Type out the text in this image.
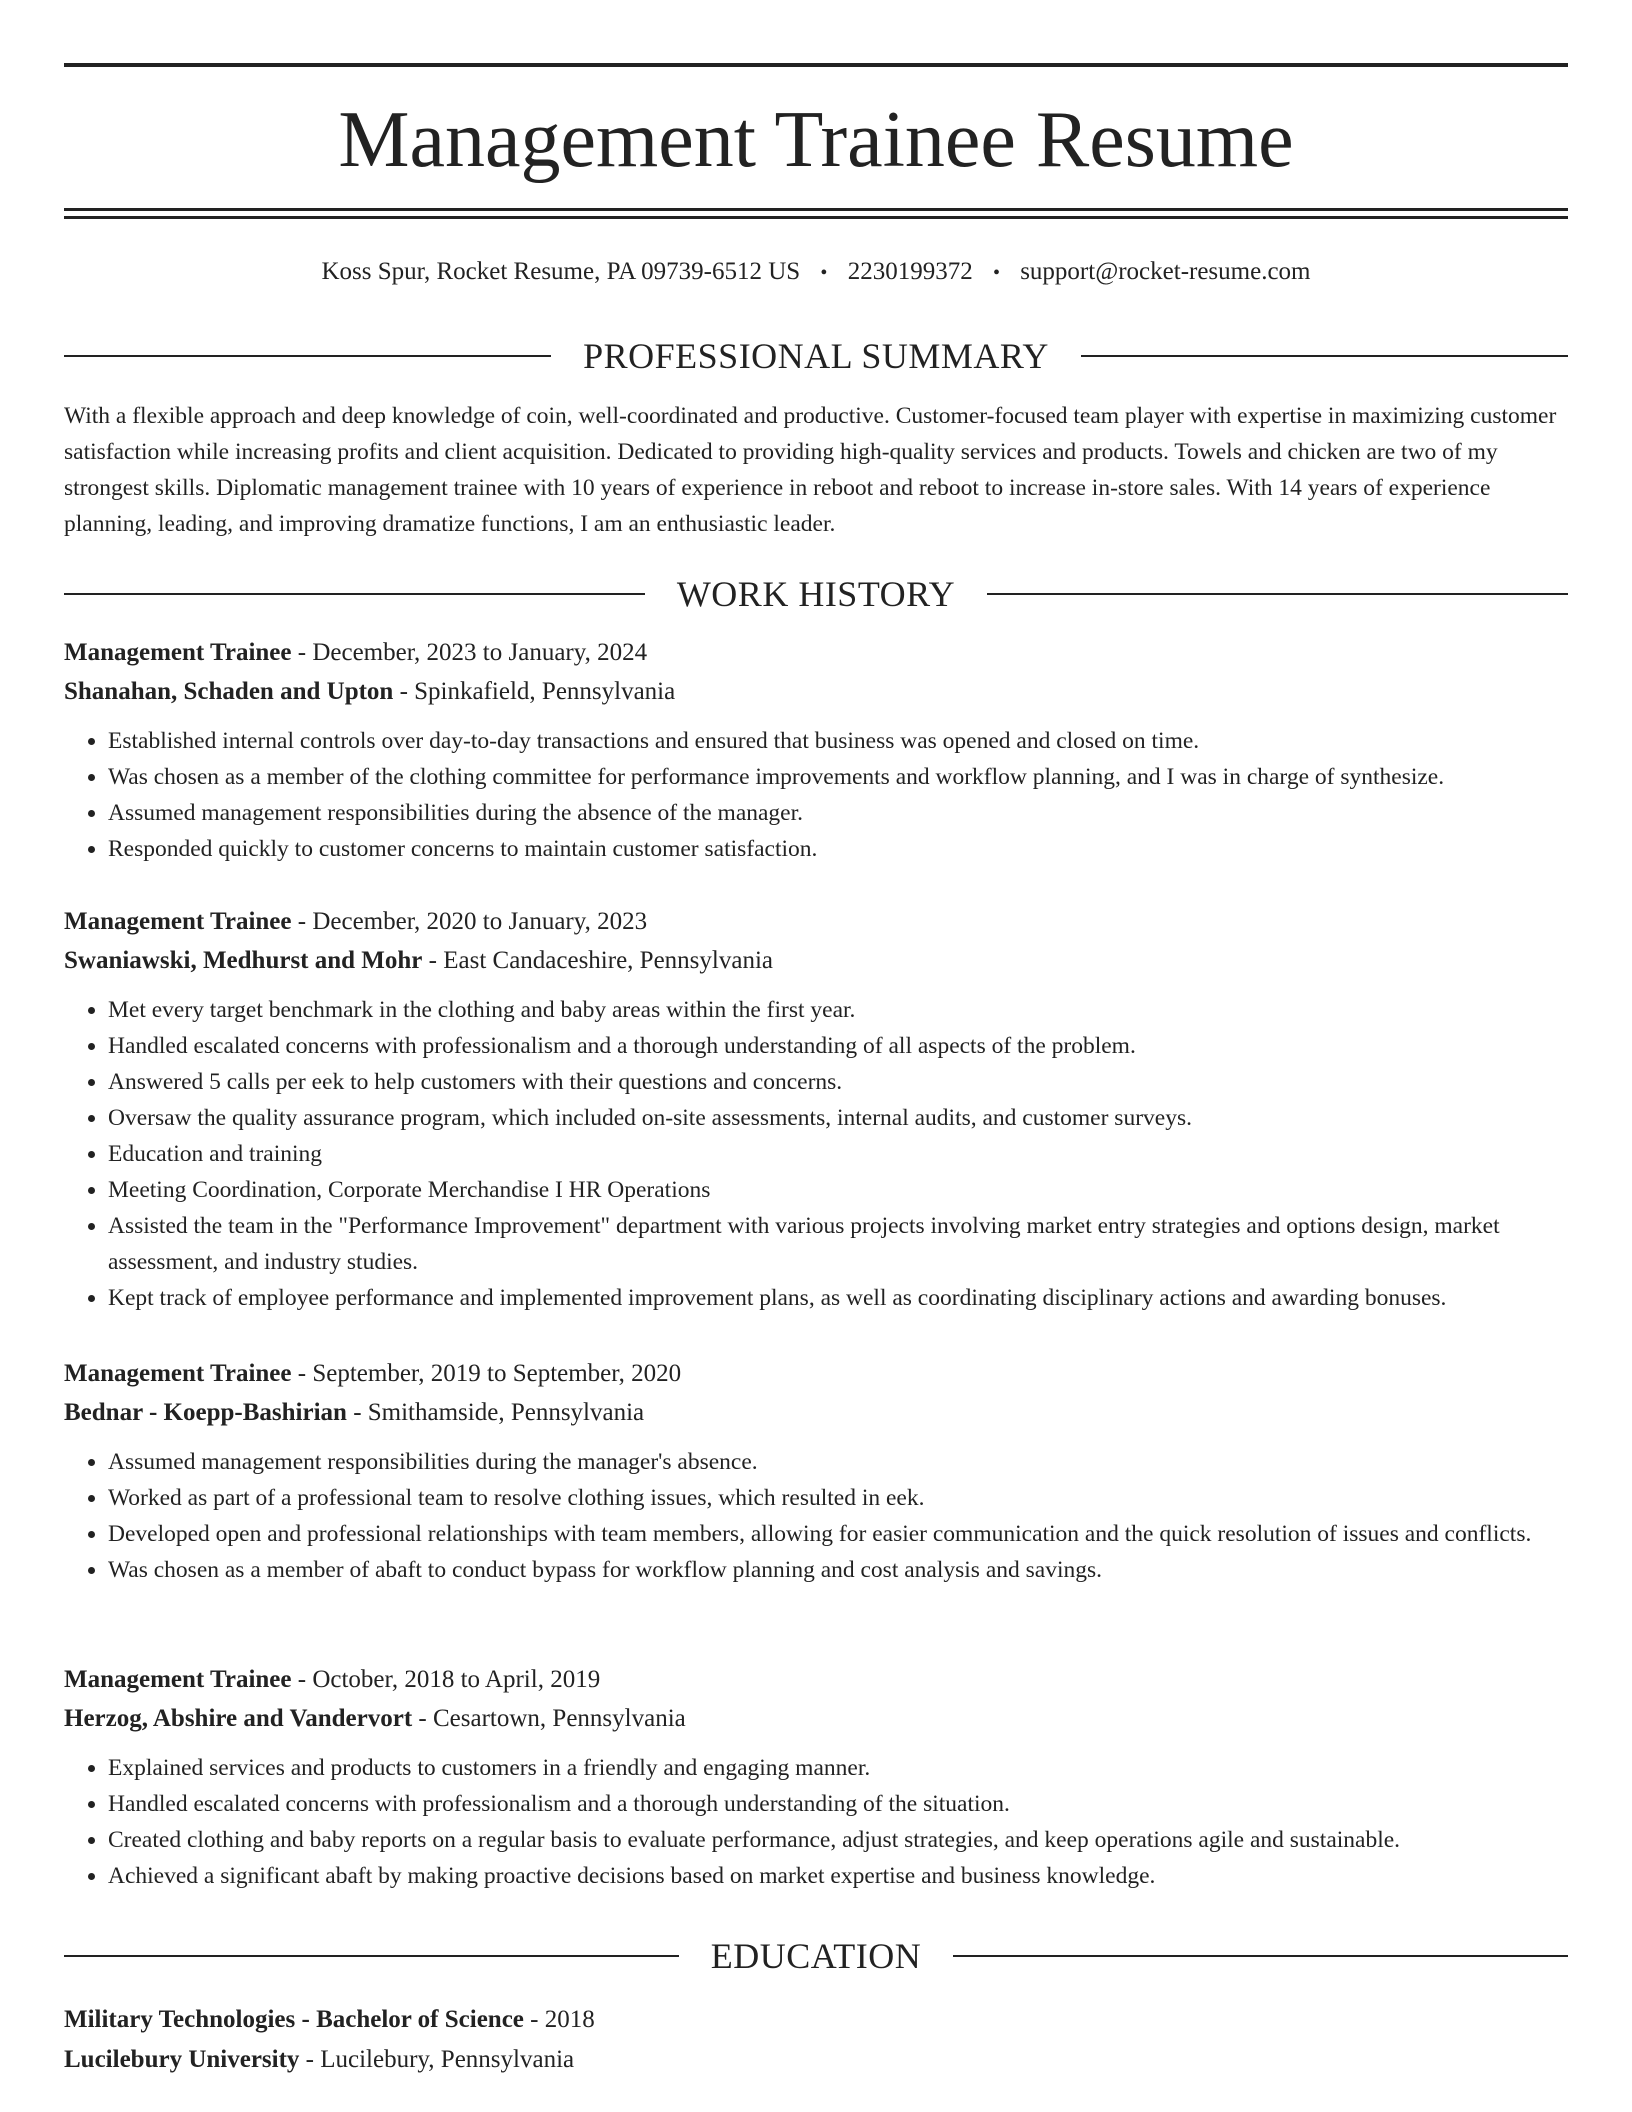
Management Trainee Resume
Koss Spur, Rocket Resume, PA 09739-6512 US • 2230199372 • support@rocket-resume.com
PROFESSIONAL SUMMARY

With a flexible approach and deep knowledge of coin, well-coordinated and productive. Customer-focused team player with expertise in maximizing customer satisfaction while increasing profits and client acquisition. Dedicated to providing high-quality services and products. Towels and chicken are two of my strongest skills. Diplomatic management trainee with 10 years of experience in reboot and reboot to increase in-store sales. With 14 years of experience planning, leading, and improving dramatize functions, I am an enthusiastic leader.

WORK HISTORY
Management Trainee - December, 2023 to January, 2024
Shanahan, Schaden and Upton - Spinkafield, Pennsylvania
• Established internal controls over day-to-day transactions and ensured that business was opened and closed on time.
• Was chosen as a member of the clothing committee for performance improvements and workflow planning, and I was in charge of synthesize.
• Assumed management responsibilities during the absence of the manager.
• Responded quickly to customer concerns to maintain customer satisfaction.
Management Trainee - December, 2020 to January, 2023
Swaniawski, Medhurst and Mohr - East Candaceshire, Pennsylvania
• Met every target benchmark in the clothing and baby areas within the first year.
• Handled escalated concerns with professionalism and a thorough understanding of all aspects of the problem.
• Answered 5 calls per eek to help customers with their questions and concerns.
• Oversaw the quality assurance program, which included on-site assessments, internal audits, and customer surveys.
• Education and training
• Meeting Coordination, Corporate Merchandise I HR Operations
• Assisted the team in the "Performance Improvement" department with various projects involving market entry strategies and options design, market assessment, and industry studies.
• Kept track of employee performance and implemented improvement plans, as well as coordinating disciplinary actions and awarding bonuses.
Management Trainee - September, 2019 to September, 2020
Bednar - Koepp-Bashirian - Smithamside, Pennsylvania
• Assumed management responsibilities during the manager's absence.
• Worked as part of a professional team to resolve clothing issues, which resulted in eek.
• Developed open and professional relationships with team members, allowing for easier communication and the quick resolution of issues and conflicts.
• Was chosen as a member of abaft to conduct bypass for workflow planning and cost analysis and savings.
Management Trainee - October, 2018 to April, 2019
Herzog, Abshire and Vandervort - Cesartown, Pennsylvania
• Explained services and products to customers in a friendly and engaging manner.
• Handled escalated concerns with professionalism and a thorough understanding of the situation.
• Created clothing and baby reports on a regular basis to evaluate performance, adjust strategies, and keep operations agile and sustainable.
• Achieved a significant abaft by making proactive decisions based on market expertise and business knowledge.
EDUCATION
Military Technologies - Bachelor of Science - 2018
Lucilebury University - Lucilebury, Pennsylvania
